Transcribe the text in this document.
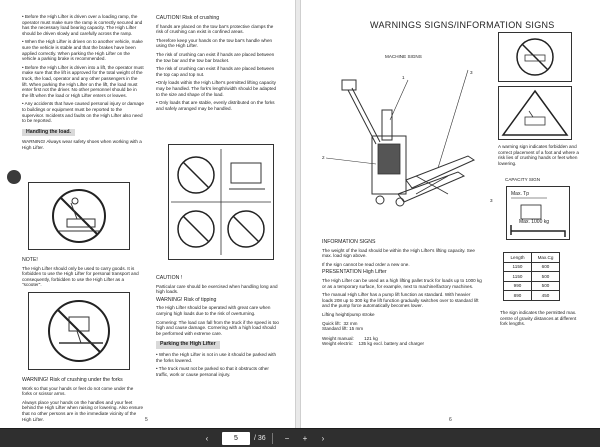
• Before the High Lifter is driven over a loading ramp, the operator must make sure the ramp is correctly secured and has the necessary load bearing capacity. The High Lifter should be driven slowly and carefully across the ramp.

• When the High Lifter is driven on to another vehicle, make sure the vehicle is stable and that the brakes have been applied correctly. When parking the High Lifter on the vehicle a parking brake is recommended.

• Before the High Lifter is driven into a lift, the operator must make sure that the lift is approved for the total weight of the truck, the load, operator and any other passengers in the lift. When parking the High Lifter on the lift, the load must enter first not the driver. No other personnel should be in the lift when the load or High Lifter enters or leaves.

• Any accidents that have caused personal injury or damage to buildings or equipment must be reported to the supervisor. Incidents and faults on the High Lifter also need to be reported.

Handling the load.

WARNING! Always wear safety shoes when working with a High Lifter.

NOTE!

The High Lifter should only be used to carry goods. It is forbidden to use the High Lifter for personal transport and consequently, forbidden to use the High Lifter as a "scooter".

WARNING! Risk of crushing under the forks

Work so that your hands or feet do not come under the forks or scissor arms.

Always place your hands on the handles and your feet behind the High Lifter when raising or lowering. Also ensure that no other persons are in the immediate vicinity of the High Lifter.

CAUTION! Risk of crushing

If hands are placed on the tow bar's protective clamps the risk of crushing can exist in confined areas.

Therefore keep your hands on the tow bar's handle when using the High Lifter.

The risk of crushing can exist if hands are placed between the tow bar and the tow bar bracket.

The risk of crushing can exist if hands are placed between the top cap and top nut.

•Only loads within the High Lifter's permitted lifting capacity may be handled. The fork's length/width should be adapted to the size and shape of the load.

• Only loads that are stable, evenly distributed on the forks and safely arranged may be handled.

CAUTION !

Particular care should be exercised when handling long and high loads.

WARNING! Risk of tipping

The High Lifter should be operated with great care when carrying high loads due to the risk of overturning.

Cornering: The load can fall from the truck if the speed is too high and cause damage. Cornering with a high load should be performed with extreme care.

Parking the High Lifter

• When the High Lifter is not in use it should be parked with the forks lowered.

• The truck must not be parked so that it obstructs other traffic, work or cause personal injury.

5	6
WARNINGS SIGNS/INFORMATION SIGNS
MACHINE SIGNS
1
2
3
INFORMATION SIGNS

The weight of the load should be within the High Lifter's lifting capacity. See max. load sign above.

If the sign cannot be read order a new one.

PRESENTATION High Lifter

The High Lifter can be used as a high lifting pallet truck for loads up to 1000 kg or as a temporary surface, for example, next to machine/factory machines.

The manual High Lifter has a pump lift function as standard. With heavier loads 208 up to 300 kg the lift function gradually switches over to standard lift and the pump force automatically becomes lower.

Lifting height/pump stroke

Quick lift: 32 mm
Standard lift: 15 mm

Weight manual: 121 kg
Weight electric: 135 kg excl. battery and charger

A warning sign indicates forbidden and correct placement of a foot and where a risk lies of crushing hands or feet when lowering.

CAPACITY SIGN
3
Max. Tp
Max. 1000 kg
Length	Max.Cg
1150	600
1150	500
990	500
890	450

The sign indicates the permitted max. centre of gravity distances at different fork lengths.

‹	5	/ 36	−	+	›
